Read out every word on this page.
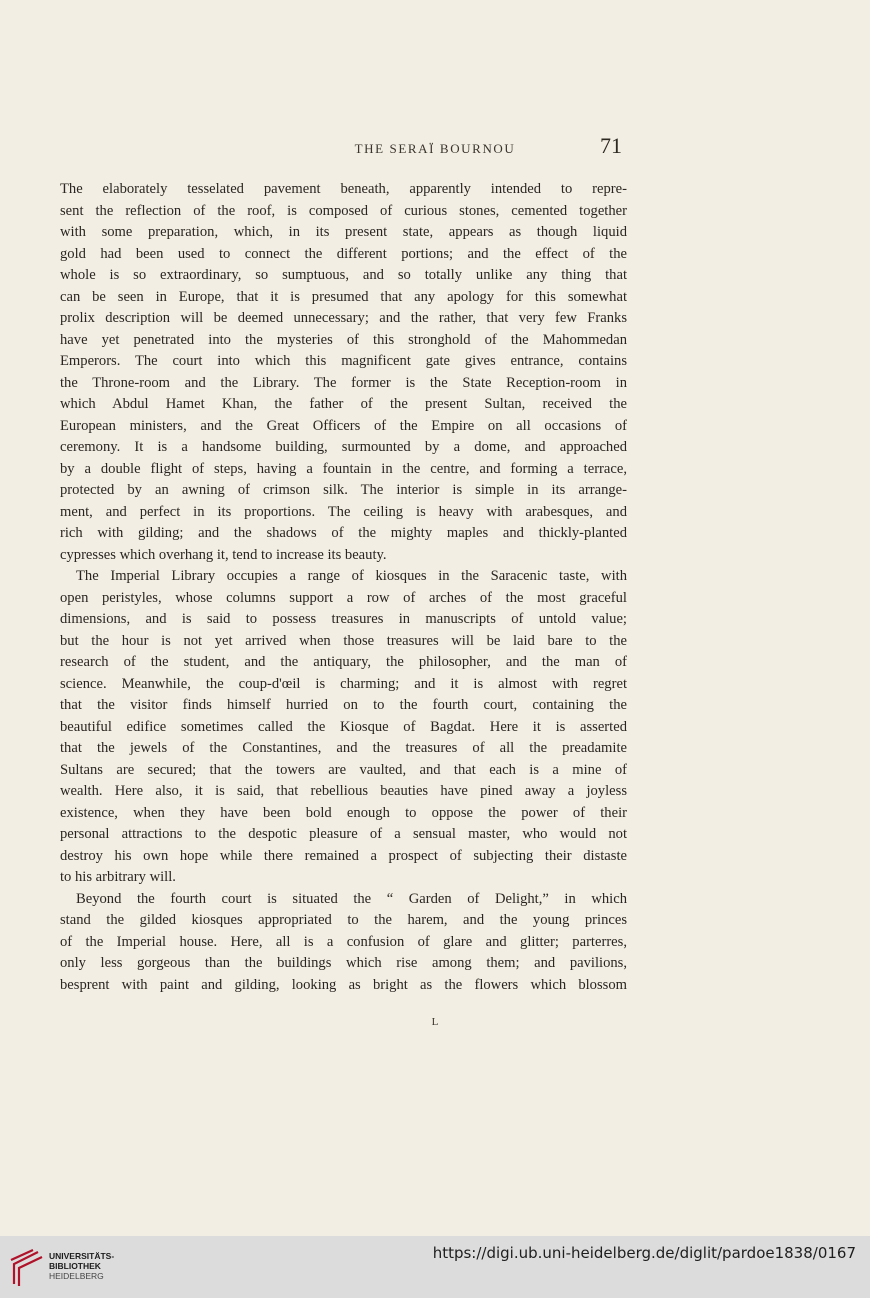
THE SERAÏ BOURNOU	71
The elaborately tesselated pavement beneath, apparently intended to repre-
sent the reflection of the roof, is composed of curious stones, cemented together
with some preparation, which, in its present state, appears as though liquid
gold had been used to connect the different portions; and the effect of the
whole is so extraordinary, so sumptuous, and so totally unlike any thing that
can be seen in Europe, that it is presumed that any apology for this somewhat
prolix description will be deemed unnecessary; and the rather, that very few Franks
have yet penetrated into the mysteries of this stronghold of the Mahommedan
Emperors. The court into which this magnificent gate gives entrance, contains
the Throne-room and the Library. The former is the State Reception-room in
which Abdul Hamet Khan, the father of the present Sultan, received the
European ministers, and the Great Officers of the Empire on all occasions of
ceremony. It is a handsome building, surmounted by a dome, and approached
by a double flight of steps, having a fountain in the centre, and forming a terrace,
protected by an awning of crimson silk. The interior is simple in its arrange-
ment, and perfect in its proportions. The ceiling is heavy with arabesques, and
rich with gilding; and the shadows of the mighty maples and thickly-planted
cypresses which overhang it, tend to increase its beauty.
The Imperial Library occupies a range of kiosques in the Saracenic taste, with
open peristyles, whose columns support a row of arches of the most graceful
dimensions, and is said to possess treasures in manuscripts of untold value;
but the hour is not yet arrived when those treasures will be laid bare to the
research of the student, and the antiquary, the philosopher, and the man of
science. Meanwhile, the coup-d'œil is charming; and it is almost with regret
that the visitor finds himself hurried on to the fourth court, containing the
beautiful edifice sometimes called the Kiosque of Bagdat. Here it is asserted
that the jewels of the Constantines, and the treasures of all the preadamite
Sultans are secured; that the towers are vaulted, and that each is a mine of
wealth. Here also, it is said, that rebellious beauties have pined away a joyless
existence, when they have been bold enough to oppose the power of their
personal attractions to the despotic pleasure of a sensual master, who would not
destroy his own hope while there remained a prospect of subjecting their distaste
to his arbitrary will.
Beyond the fourth court is situated the “ Garden of Delight,” in which
stand the gilded kiosques appropriated to the harem, and the young princes
of the Imperial house. Here, all is a confusion of glare and glitter; parterres,
only less gorgeous than the buildings which rise among them; and pavilions,
besprent with paint and gilding, looking as bright as the flowers which blossom
L
UNIVERSITÄTS-
BIBLIOTHEK
HEIDELBERG
https://digi.ub.uni-heidelberg.de/diglit/pardoe1838/0167
